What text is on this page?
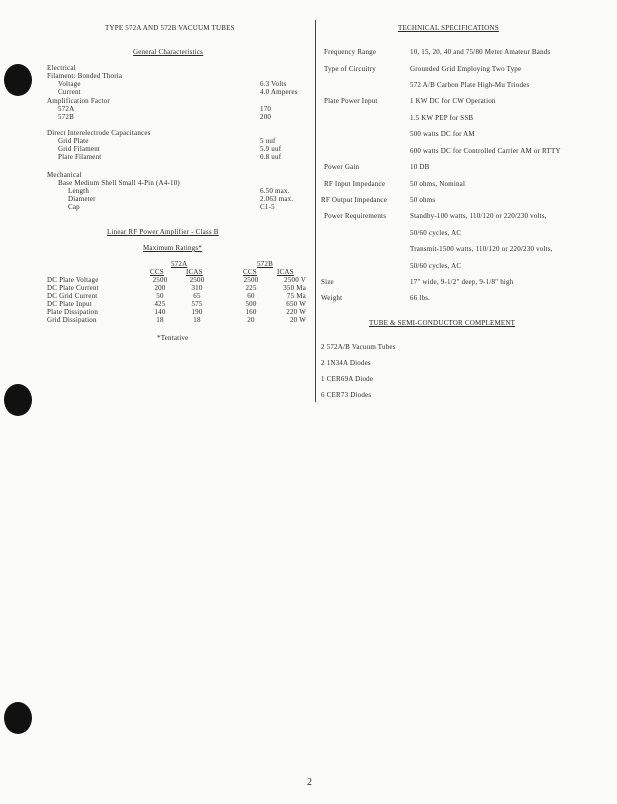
TYPE 572A AND 572B VACUUM TUBES
General Characteristics
Electrical
Filament: Bonded Thoria
Voltage	6.3 Volts
Current	4.0 Amperes
Amplification Factor
572A	170
572B	200
Direct Interelectrode Capacitances
Grid Plate	5 uuf
Grid Filament	5.9 uuf
Plate Filament	0.8 uuf
Mechanical
Base Medium Shell Small 4-Pin (A4-10)
Length	6.50 max.
Diameter	2.063 max.
Cap	C1-5
Linear RF Power Amplifier - Class B
Maximum Ratings*
572A	572B
CCS	ICAS	CCS	ICAS
DC Plate Voltage	2500	2500	2500	2500 V
DC Plate Current	200	310	225	350 Ma
DC Grid Current	50	65	60	75 Ma
DC Plate Input	425	575	500	650 W
Plate Dissipation	140	190	160	220 W
Grid Dissipation	18	18	20	20 W
*Tentative
TECHNICAL SPECIFICATIONS
Frequency Range	10, 15, 20, 40 and 75/80 Meter Amateur Bands
Type of Circuitry	Grounded Grid Employing Two Type
572 A/B Carbon Plate High-Mu Triodes
Plate Power Input	1 KW DC for CW Operation
1.5 KW PEP for SSB
500 watts DC for AM
600 watts DC for Controlled Carrier AM or RTTY
Power Gain	10 DB
RF Input Impedance	50 ohms, Nominal
RF Output Impedance	50 ohms
Power Requirements	Standby-100 watts, 110/120 or 220/230 volts,
50/60 cycles, AC
Transmit-1500 watts, 110/120 or 220/230 volts,
50/60 cycles, AC
Size	17" wide, 9-1/2" deep, 9-1/8" high
Weight	66 lbs.
TUBE & SEMI-CONDUCTOR COMPLEMENT
2 572A/B Vacuum Tubes
2 1N34A Diodes
1 CER69A Diode
6 CER73 Diodes
2
